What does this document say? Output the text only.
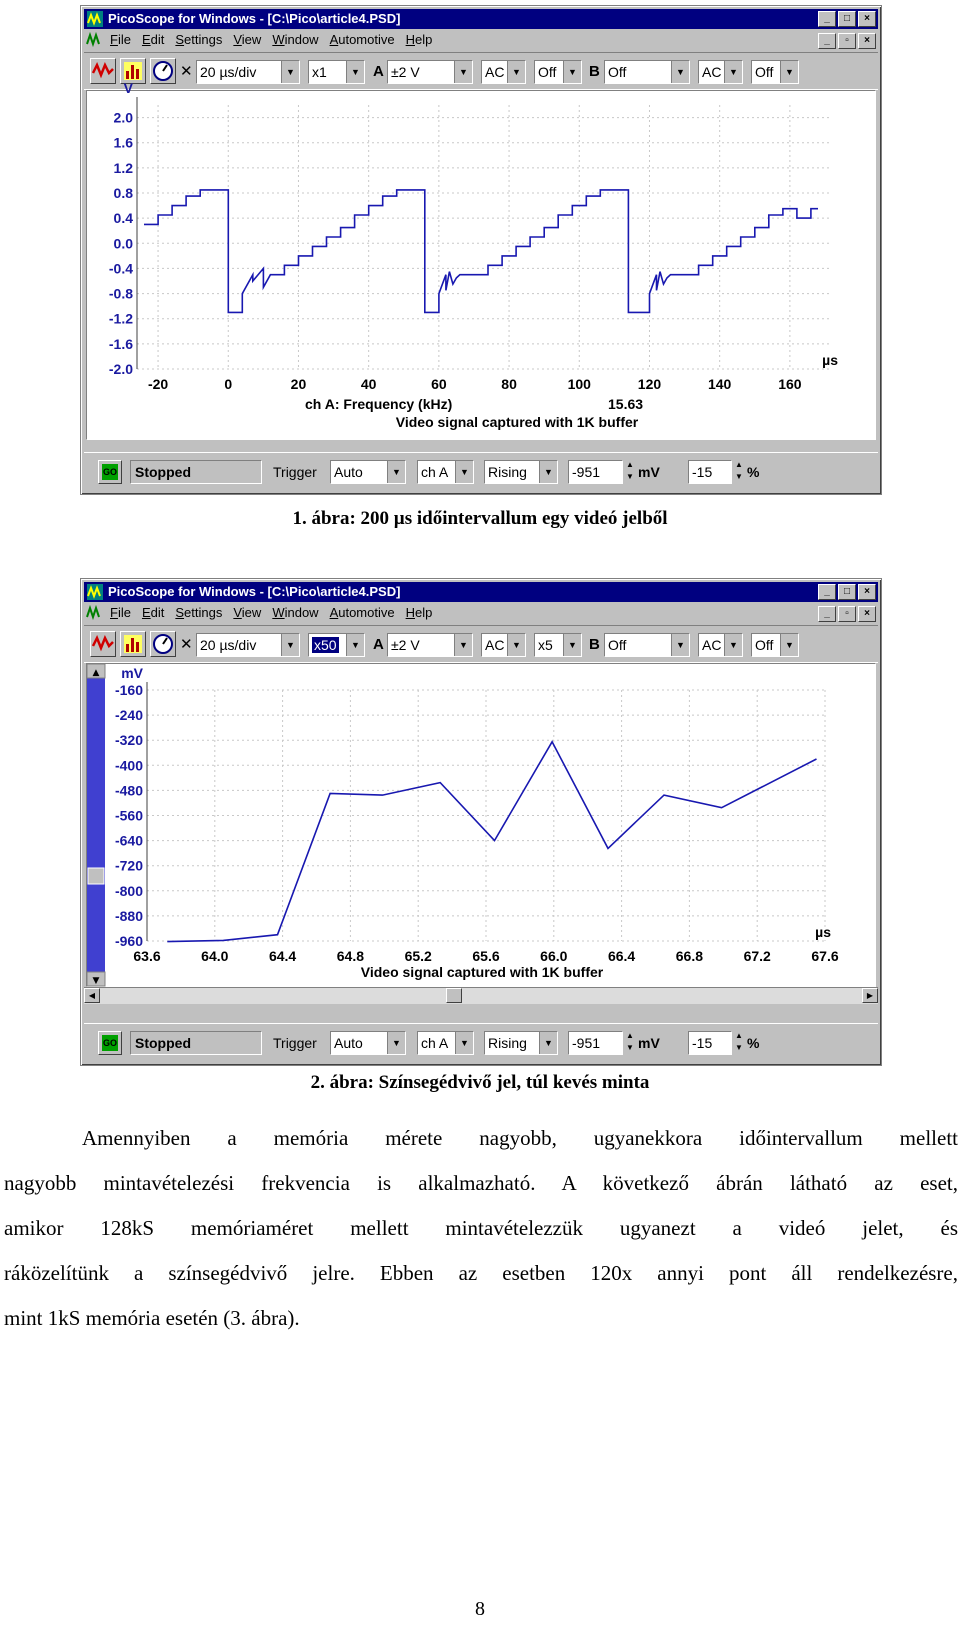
PicoScope for Windows - [C:\Pico\article4.PSD]	_	□	×
File Edit Settings View Window Automotive Help	_	▫	×
✕ 20 µs/div	▼ x1	▼ A ±2 V	▼ AC ▼ Off	▼ B Off	▼ AC ▼ Off	▼
2.0
1.6
1.2
0.8
0.4
0.0
-0.4
-0.8
-1.2
-1.6
-2.0
-20	0	20	40	60	80	100	120	140	160
V
µs
ch A: Frequency (kHz)	15.63
Video signal captured with 1K buffer
GO	Stopped	Trigger Auto	▼ ch A	▼ Rising	▼ -951	▲
▼ mV -15	▲
▼ %
1. ábra: 200 µs időintervallum egy videó jelből
PicoScope for Windows - [C:\Pico\article4.PSD]	_	□	×
File Edit Settings View Window Automotive Help	_	▫	×
✕ 20 µs/div	▼	x50	▼ A ±2 V	▼ AC ▼ x5	▼ B Off	▼ AC ▼ Off	▼
▲
▼
-160
-240
-320
-400
-480
-560
-640
-720
-800
-880
-960
63.6	64.0	64.4	64.8	65.2	65.6	66.0	66.4	66.8	67.2	67.6
mV
µs
Video signal captured with 1K buffer
◀	▶
GO	Stopped	Trigger Auto	▼ ch A	▼ Rising	▼ -951	▲
▼ mV -15	▲
▼ %
2. ábra: Színsegédvivő jel, túl kevés minta
Amennyiben a memória mérete nagyobb, ugyanekkora időintervallum mellett
nagyobb mintavételezési frekvencia is alkalmazható. A következő ábrán látható az eset,
amikor 128kS memóriaméret mellett mintavételezzük ugyanezt a videó jelet, és
ráközelítünk a színsegédvivő jelre. Ebben az esetben 120x annyi pont áll rendelkezésre,
mint 1kS memória esetén (3. ábra).
8
